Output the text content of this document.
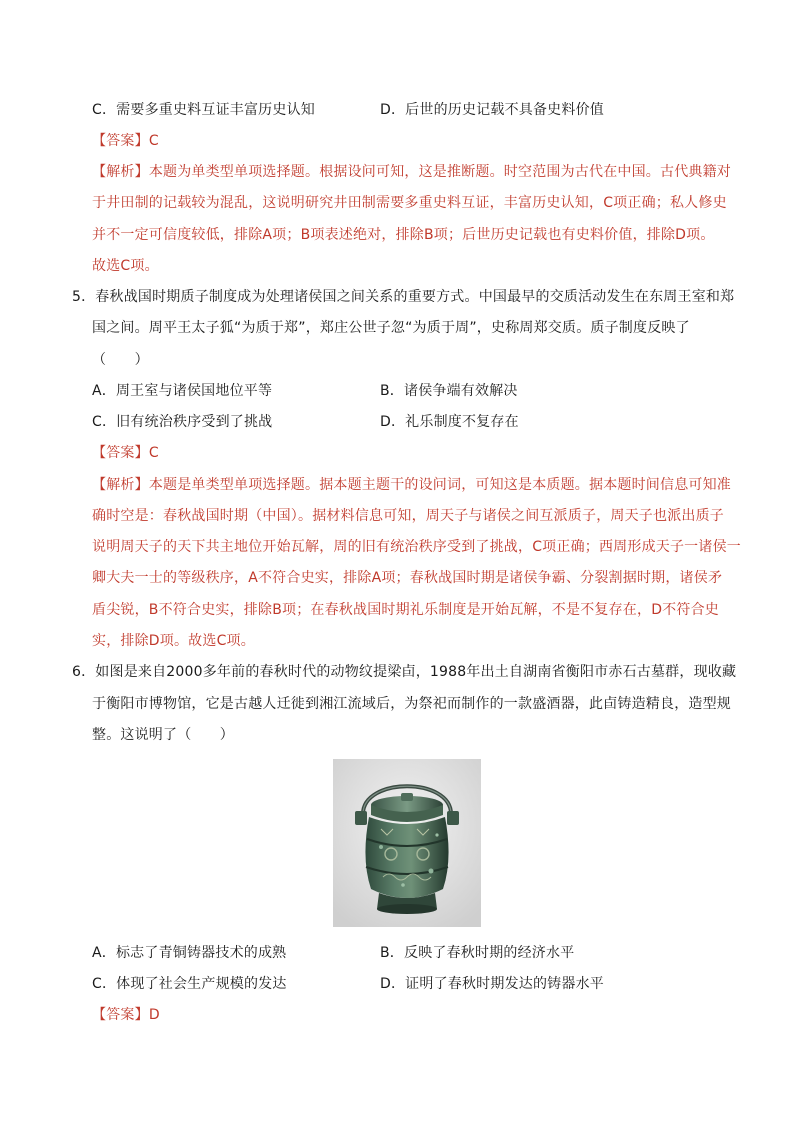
C．需要多重史料互证丰富历史认知	D．后世的历史记载不具备史料价值
【答案】C
【解析】本题为单类型单项选择题。根据设问可知，这是推断题。时空范围为古代在中国。古代典籍对
于井田制的记载较为混乱，这说明研究井田制需要多重史料互证，丰富历史认知，C项正确；私人修史
并不一定可信度较低，排除A项；B项表述绝对，排除B项；后世历史记载也有史料价值，排除D项。
故选C项。
5．春秋战国时期质子制度成为处理诸侯国之间关系的重要方式。中国最早的交质活动发生在东周王室和郑
国之间。周平王太子狐“为质于郑”，郑庄公世子忽“为质于周”，史称周郑交质。质子制度反映了
（　　）
A．周王室与诸侯国地位平等	B．诸侯争端有效解决
C．旧有统治秩序受到了挑战	D．礼乐制度不复存在
【答案】C
【解析】本题是单类型单项选择题。据本题主题干的设问词，可知这是本质题。据本题时间信息可知准
确时空是：春秋战国时期（中国）。据材料信息可知，周天子与诸侯之间互派质子，周天子也派出质子
说明周天子的天下共主地位开始瓦解，周的旧有统治秩序受到了挑战，C项正确；西周形成天子一诸侯一
卿大夫一士的等级秩序，A不符合史实，排除A项；春秋战国时期是诸侯争霸、分裂割据时期，诸侯矛
盾尖锐，B不符合史实，排除B项；在春秋战国时期礼乐制度是开始瓦解，不是不复存在，D不符合史
实，排除D项。故选C项。
6．如图是来自2000多年前的春秋时代的动物纹提梁卣，1988年出土自湖南省衡阳市赤石古墓群，现收藏
于衡阳市博物馆，它是古越人迁徙到湘江流域后，为祭祀而制作的一款盛酒器，此卣铸造精良，造型规
整。这说明了（　　）
A．标志了青铜铸器技术的成熟	B．反映了春秋时期的经济水平
C．体现了社会生产规模的发达	D．证明了春秋时期发达的铸器水平
【答案】D
